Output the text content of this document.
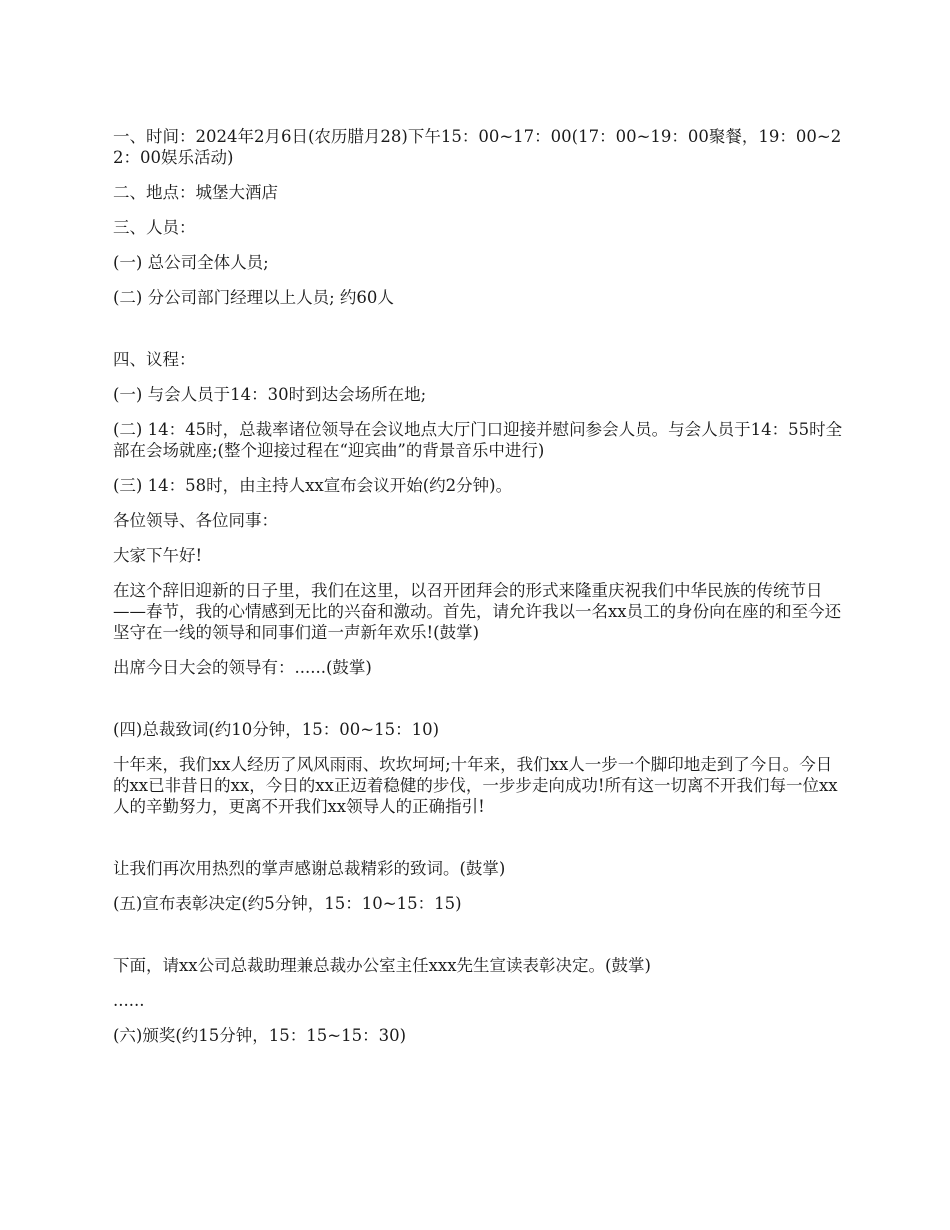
一、时间：2024年2月6日(农历腊月28)下午15：00~17：00(17：00~19：00聚餐，19：00~22：00娱乐活动)

二、地点：城堡大酒店

三、人员：

(一) 总公司全体人员;

(二) 分公司部门经理以上人员; 约60人

四、议程：

(一) 与会人员于14：30时到达会场所在地;

(二) 14：45时，总裁率诸位领导在会议地点大厅门口迎接并慰问参会人员。与会人员于14：55时全部在会场就座;(整个迎接过程在“迎宾曲”的背景音乐中进行)

(三) 14：58时，由主持人xx宣布会议开始(约2分钟)。

各位领导、各位同事：

大家下午好!

在这个辞旧迎新的日子里，我们在这里，以召开团拜会的形式来隆重庆祝我们中华民族的传统节日——春节，我的心情感到无比的兴奋和激动。首先，请允许我以一名xx员工的身份向在座的和至今还坚守在一线的领导和同事们道一声新年欢乐!(鼓掌)

出席今日大会的领导有：......(鼓掌)

(四)总裁致词(约10分钟，15：00~15：10)

十年来，我们xx人经历了风风雨雨、坎坎坷坷;十年来，我们xx人一步一个脚印地走到了今日。今日的xx已非昔日的xx，今日的xx正迈着稳健的步伐，一步步走向成功!所有这一切离不开我们每一位xx人的辛勤努力，更离不开我们xx领导人的正确指引!

让我们再次用热烈的掌声感谢总裁精彩的致词。(鼓掌)

(五)宣布表彰决定(约5分钟，15：10~15：15)

下面，请xx公司总裁助理兼总裁办公室主任xxx先生宣读表彰决定。(鼓掌)

......

(六)颁奖(约15分钟，15：15~15：30)
